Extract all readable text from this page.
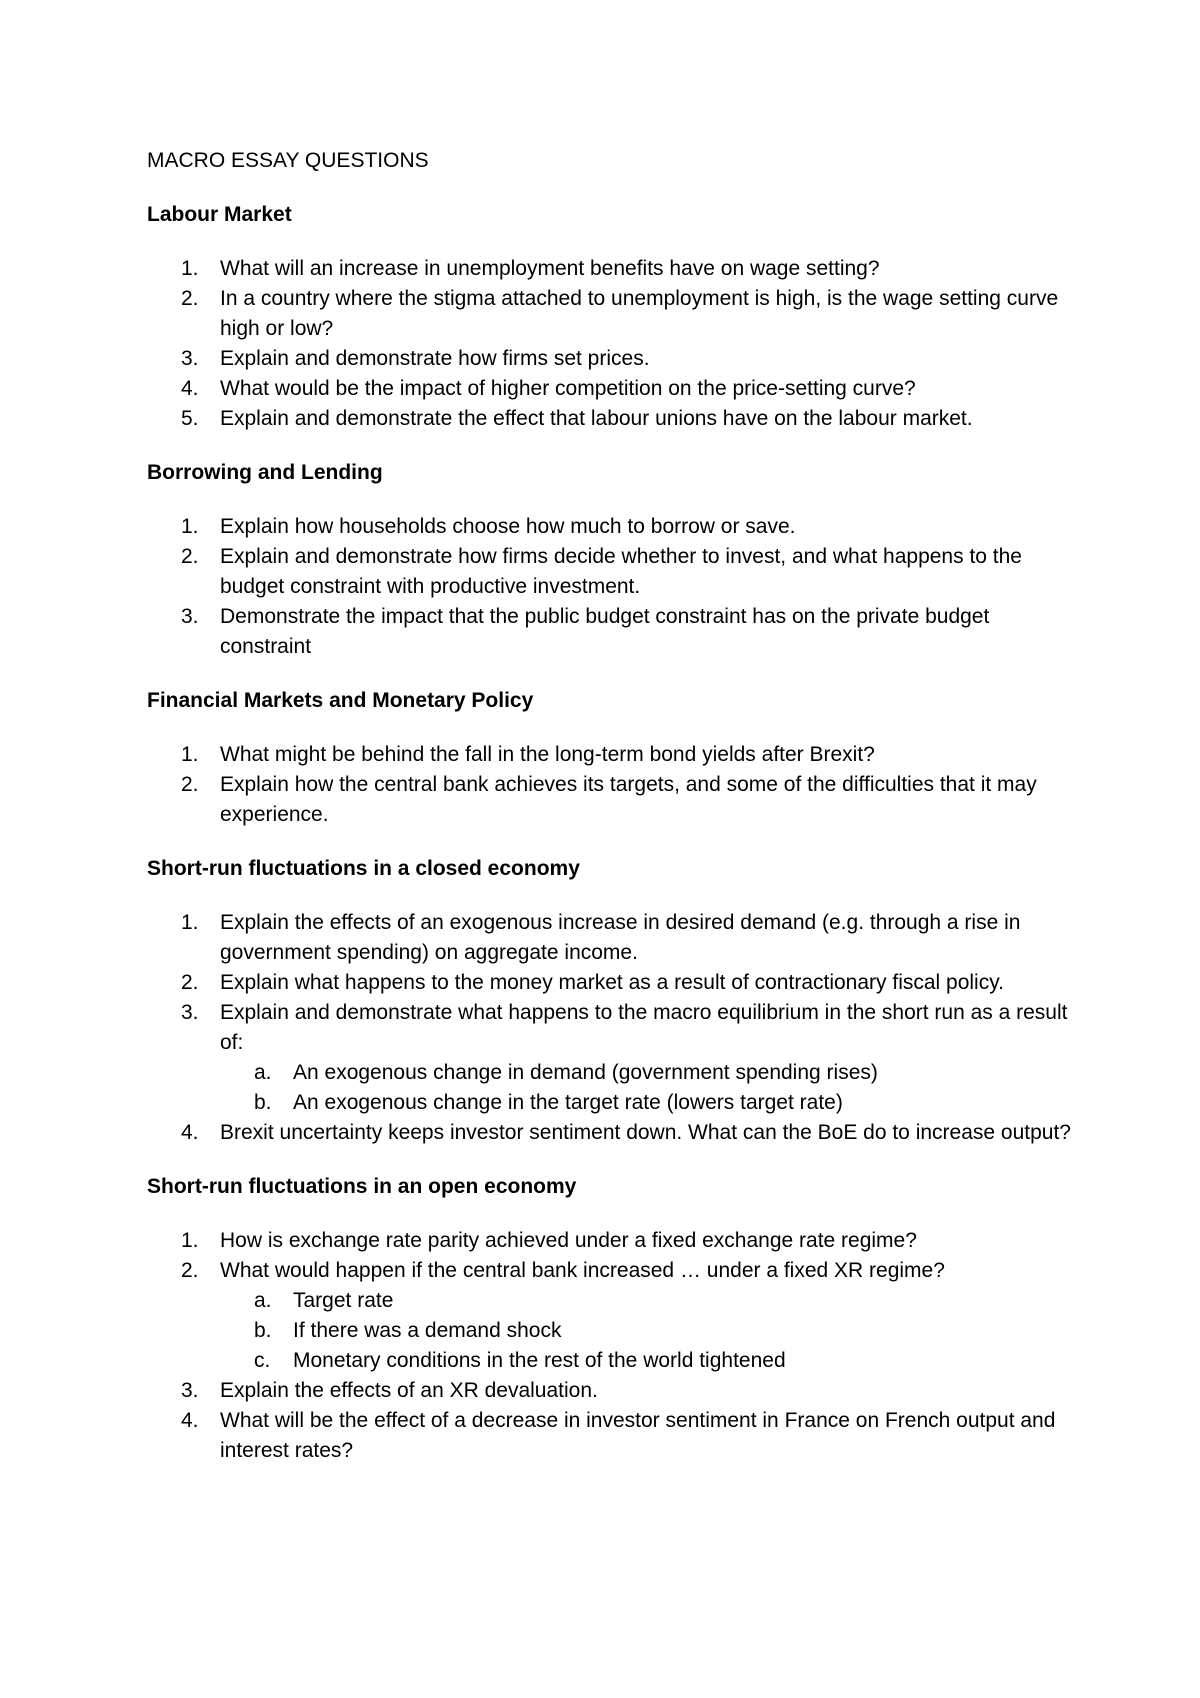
MACRO ESSAY QUESTIONS
Labour Market
1. What will an increase in unemployment benefits have on wage setting?
2. In a country where the stigma attached to unemployment is high, is the wage setting curve high or low?
3. Explain and demonstrate how firms set prices.
4. What would be the impact of higher competition on the price-setting curve?
5. Explain and demonstrate the effect that labour unions have on the labour market.
Borrowing and Lending
1. Explain how households choose how much to borrow or save.
2. Explain and demonstrate how firms decide whether to invest, and what happens to the budget constraint with productive investment.
3. Demonstrate the impact that the public budget constraint has on the private budget constraint
Financial Markets and Monetary Policy
1. What might be behind the fall in the long-term bond yields after Brexit?
2. Explain how the central bank achieves its targets, and some of the difficulties that it may experience.
Short-run fluctuations in a closed economy
1. Explain the effects of an exogenous increase in desired demand (e.g. through a rise in government spending) on aggregate income.
2. Explain what happens to the money market as a result of contractionary fiscal policy.
3. Explain and demonstrate what happens to the macro equilibrium in the short run as a result of:
a. An exogenous change in demand (government spending rises)
b. An exogenous change in the target rate (lowers target rate)
4. Brexit uncertainty keeps investor sentiment down. What can the BoE do to increase output?
Short-run fluctuations in an open economy
1. How is exchange rate parity achieved under a fixed exchange rate regime?
2. What would happen if the central bank increased … under a fixed XR regime?
a. Target rate
b. If there was a demand shock
c. Monetary conditions in the rest of the world tightened
3. Explain the effects of an XR devaluation.
4. What will be the effect of a decrease in investor sentiment in France on French output and interest rates?
